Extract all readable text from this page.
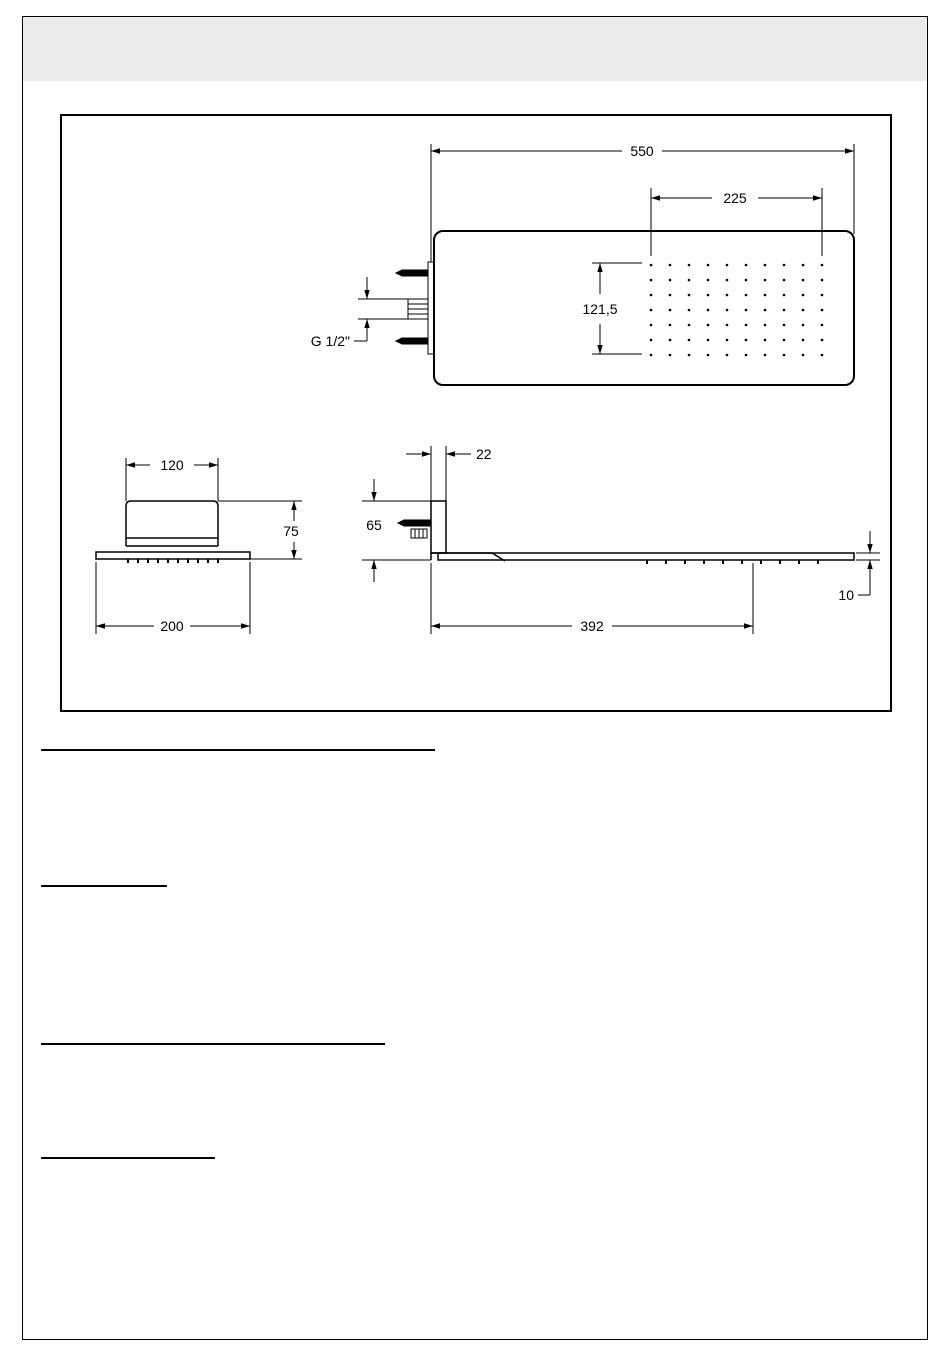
550
225
121,5
G 1/2"
120
75
200
22
65
10
392
